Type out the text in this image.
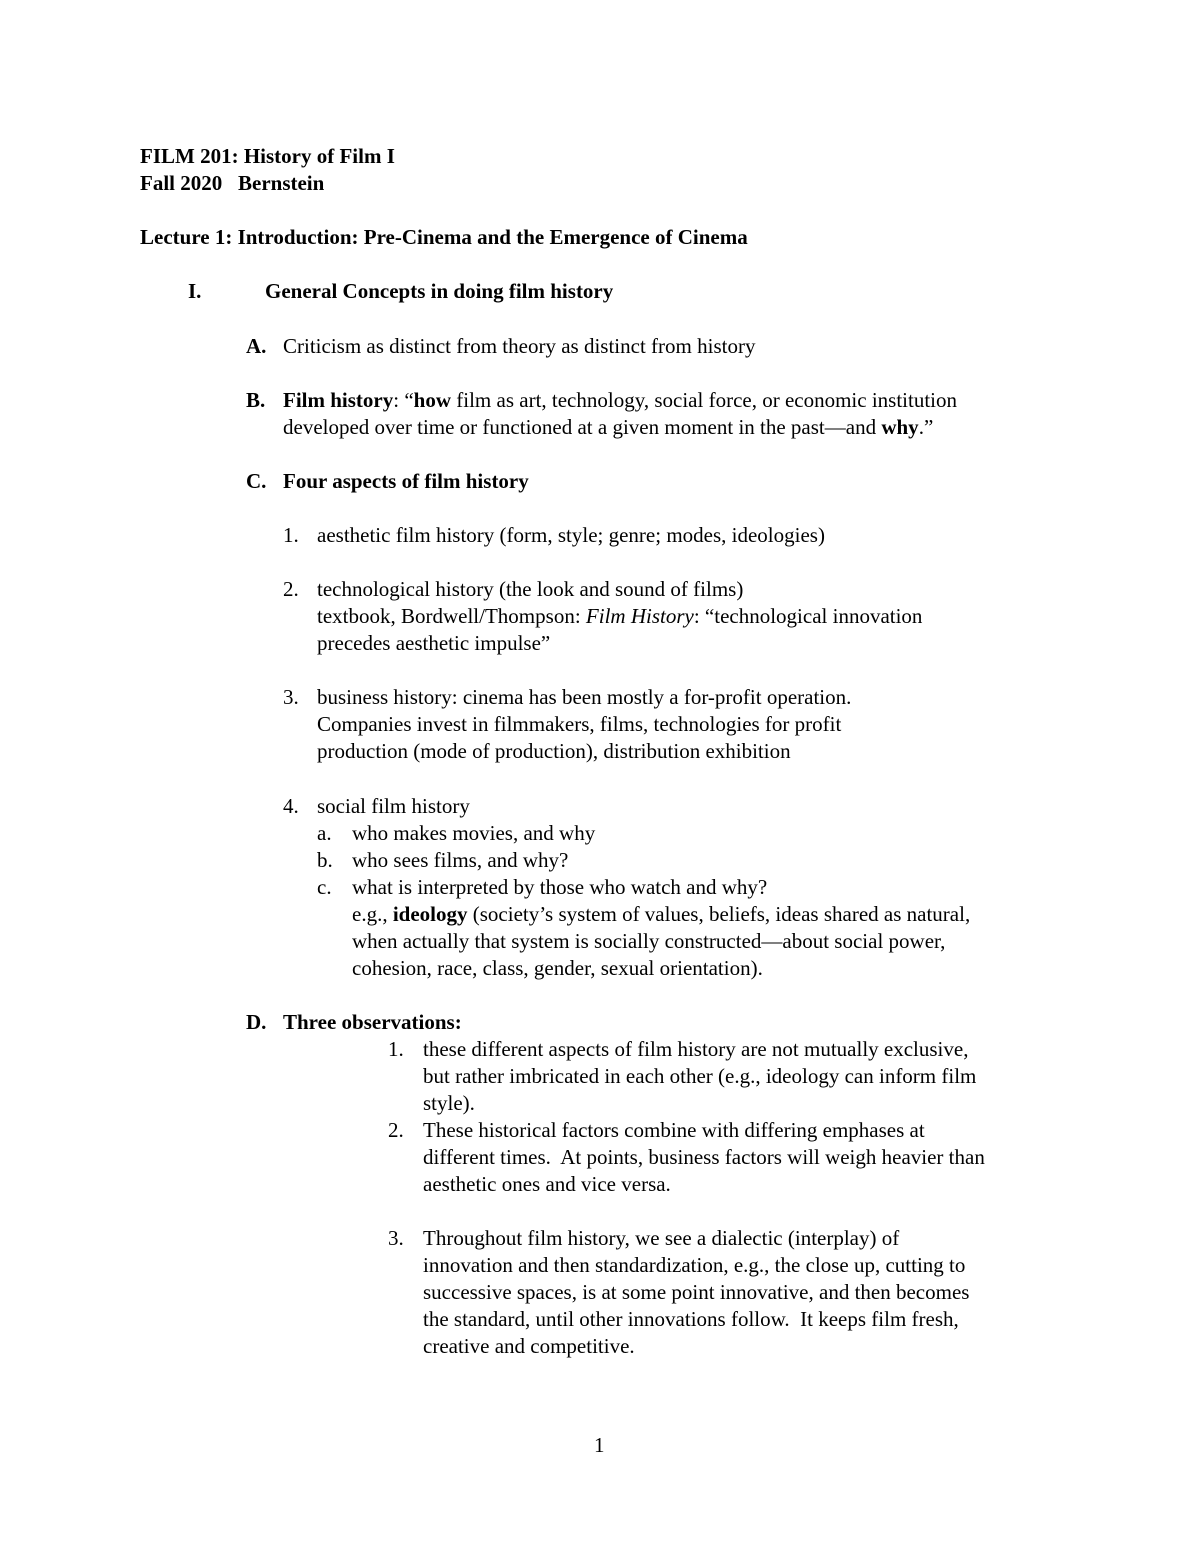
FILM 201: History of Film I
Fall 2020   Bernstein
Lecture 1: Introduction: Pre-Cinema and the Emergence of Cinema
I.	General Concepts in doing film history
A. Criticism as distinct from theory as distinct from history
B. Film history: “how film as art, technology, social force, or economic institution
developed over time or functioned at a given moment in the past—and why.”
C. Four aspects of film history
1. aesthetic film history (form, style; genre; modes, ideologies)
2. technological history (the look and sound of films)
textbook, Bordwell/Thompson: Film History: “technological innovation
precedes aesthetic impulse”
3. business history: cinema has been mostly a for-profit operation.
Companies invest in filmmakers, films, technologies for profit
production (mode of production), distribution exhibition
4. social film history
a. who makes movies, and why
b. who sees films, and why?
c. what is interpreted by those who watch and why?
e.g., ideology (society’s system of values, beliefs, ideas shared as natural,
when actually that system is socially constructed—about social power,
cohesion, race, class, gender, sexual orientation).
D. Three observations:
1. these different aspects of film history are not mutually exclusive,
but rather imbricated in each other (e.g., ideology can inform film
style).
2. These historical factors combine with differing emphases at
different times.  At points, business factors will weigh heavier than
aesthetic ones and vice versa.
3. Throughout film history, we see a dialectic (interplay) of
innovation and then standardization, e.g., the close up, cutting to
successive spaces, is at some point innovative, and then becomes
the standard, until other innovations follow.  It keeps film fresh,
creative and competitive.
1
